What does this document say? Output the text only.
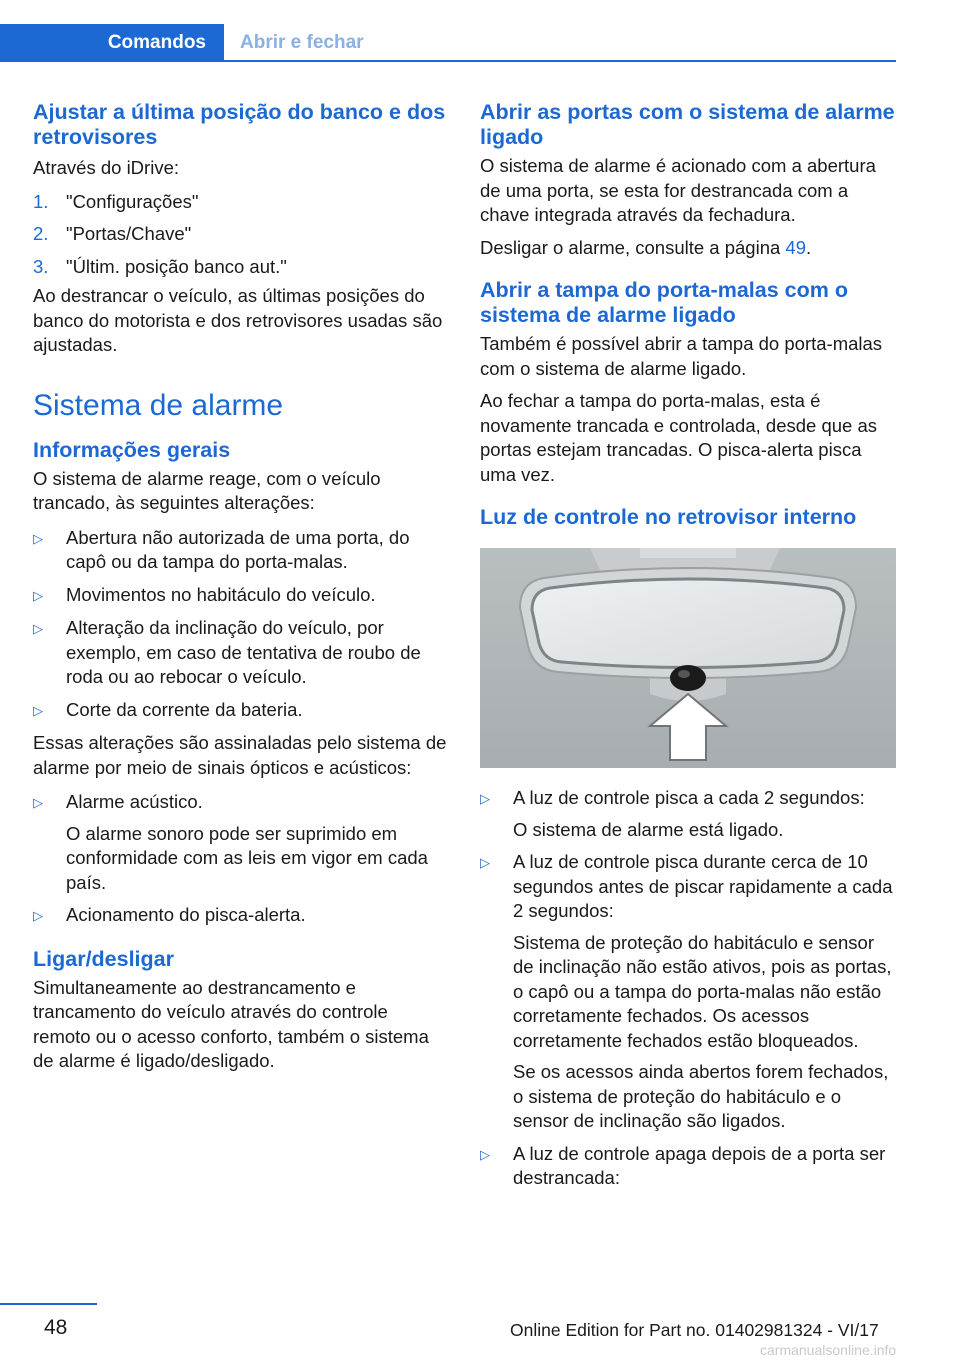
Comandos Abrir e fechar
Ajustar a última posição do banco e dos retrovisores

Através do iDrive:

1. "Configurações"
2. "Portas/Chave"
3. "Últim. posição banco aut."

Ao destrancar o veículo, as últimas posições do banco do motorista e dos retrovisores usadas são ajustadas.

Sistema de alarme
Informações gerais

O sistema de alarme reage, com o veículo trancado, às seguintes alterações:

▷	Abertura não autorizada de uma porta, do capô ou da tampa do porta-malas.
▷	Movimentos no habitáculo do veículo.
▷	Alteração da inclinação do veículo, por exemplo, em caso de tentativa de roubo de roda ou ao rebocar o veículo.
▷	Corte da corrente da bateria.

Essas alterações são assinaladas pelo sistema de alarme por meio de sinais ópticos e acústicos:

▷	Alarme acústico.

O alarme sonoro pode ser suprimido em conformidade com as leis em vigor em cada país.

▷	Acionamento do pisca-alerta.
Ligar/desligar

Simultaneamente ao destrancamento e trancamento do veículo através do controle remoto ou o acesso conforto, também o sistema de alarme é ligado/desligado.

Abrir as portas com o sistema de alarme ligado

O sistema de alarme é acionado com a abertura de uma porta, se esta for destrancada com a chave integrada através da fechadura.

Desligar o alarme, consulte a página 49.

Abrir a tampa do porta-malas com o sistema de alarme ligado

Também é possível abrir a tampa do porta-malas com o sistema de alarme ligado.

Ao fechar a tampa do porta-malas, esta é novamente trancada e controlada, desde que as portas estejam trancadas. O pisca-alerta pisca uma vez.

Luz de controle no retrovisor interno
▷	A luz de controle pisca a cada 2 segundos:

O sistema de alarme está ligado.

▷	A luz de controle pisca durante cerca de 10 segundos antes de piscar rapidamente a cada 2 segundos:

Sistema de proteção do habitáculo e sensor de inclinação não estão ativos, pois as portas, o capô ou a tampa do porta-malas não estão corretamente fechados. Os acessos corretamente fechados estão bloqueados.

Se os acessos ainda abertos forem fechados, o sistema de proteção do habitáculo e o sensor de inclinação são ligados.

▷	A luz de controle apaga depois de a porta ser destrancada:
48	Online Edition for Part no. 01402981324 - VI/17
carmanualsonline.info
